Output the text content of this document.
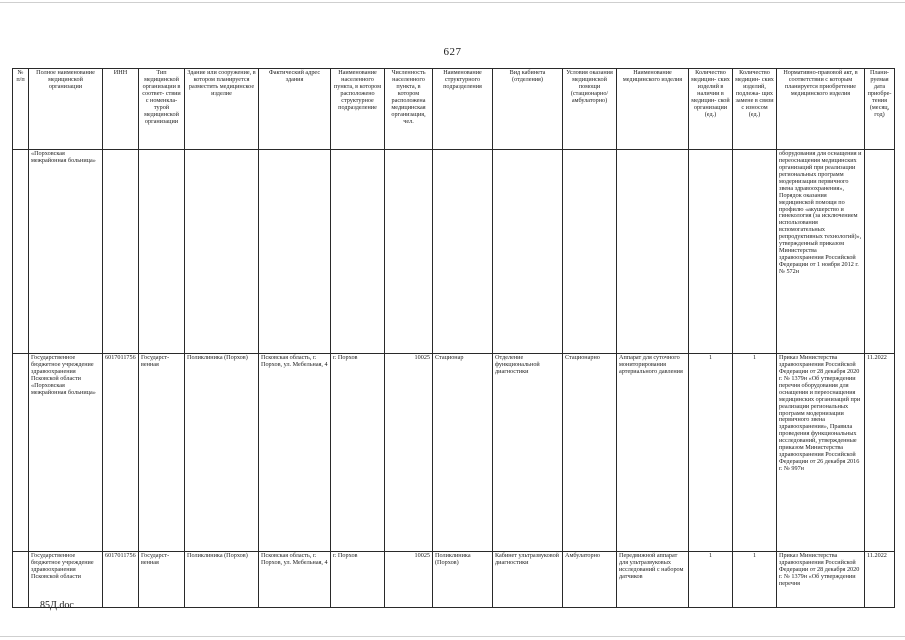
627
№ п/п	Полное наименование медицинской организации	ИНН	Тип медицинской организации в соответ- ствии с номенкла- турой медицинской организации	Здание или сооружение, в котором планируется разместить медицинское изделие	Фактический адрес здания	Наименование населенного пункта, в котором расположено структурное подразделение	Численность населенного пункта, в котором расположена медицинская организация, чел.	Наименование структурного подразделения	Вид кабинета (отделения)	Условия оказания медицинской помощи (стационарно/ амбулаторно)	Наименование медицинского изделия	Количество медицин- ских изделий в наличии в медицин- ской организации (ед.)	Количество медицин- ских изделий, подлежа- щих замене в связи с износом (ед.)	Нормативно-правовой акт, в соответствии с которым планируется приобретение медицинского изделия	Плани- руемая дата приобре- тения (месяц, год)
	«Порховская межрайонная больница»													оборудования для оснащения и переоснащения медицинских организаций при реализации региональных программ модернизации первичного звена здравоохранения», Порядок оказания медицинской помощи по профилю «акушерство и гинекология (за исключением использования вспомогательных репродуктивных технологий)», утвержденный приказом Министерства здравоохранения Российской Федерации от 1 ноября 2012 г. № 572н	
	Государственное бюджетное учреждение здравоохранения Псковской области «Порховская межрайонная больница»	6017011756	Государст- венная	Поликлиника (Порхов)	Псковская область, г. Порхов, ул. Мебельная, 4	г. Порхов	10025	Стационар	Отделение функциональной диагностики	Стационарно	Аппарат для суточного мониторирования артериального давления	1	1	Приказ Министерства здравоохранения Российской Федерации от 28 декабря 2020 г. № 1379н «Об утверждении перечня оборудования для оснащения и переоснащения медицинских организаций при реализации региональных программ модернизации первичного звена здравоохранения», Правила проведения функциональных исследований, утвержденные приказом Министерства здравоохранения Российской Федерации от 26 декабря 2016 г. № 997н	11.2022
	Государственное бюджетное учреждение здравоохранения Псковской области	6017011756	Государст- венная	Поликлиника (Порхов)	Псковская область, г. Порхов, ул. Мебельная, 4	г. Порхов	10025	Поликлиника (Порхов)	Кабинет ультразвуковой диагностики	Амбулаторно	Передвижной аппарат для ультразвуковых исследований с набором датчиков	1	1	Приказ Министерства здравоохранения Российской Федерации от 28 декабря 2020 г. № 1379н «Об утверждении перечня	11.2022
85Д.doc
